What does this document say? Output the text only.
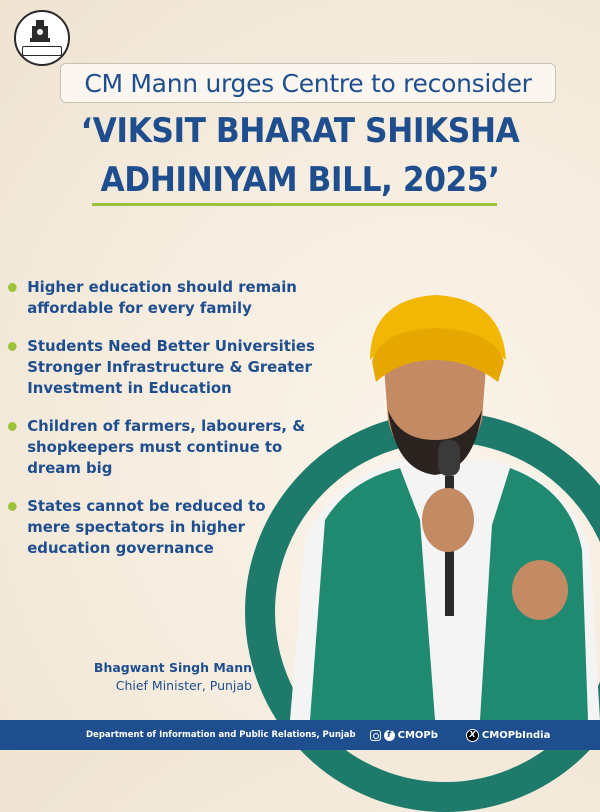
CM Mann urges Centre to reconsider
‘VIKSIT BHARAT SHIKSHA
ADHINIYAM BILL, 2025’
Higher education should remain
affordable for every family
Students Need Better Universities
Stronger Infrastructure & Greater
Investment in Education
Children of farmers, labourers, &
shopkeepers must continue to
dream big
States cannot be reduced to
mere spectators in higher
education governance
Bhagwant Singh Mann
Chief Minister, Punjab
Department of Information and Public Relations, Punjab	f CMOPb	X CMOPbIndia
